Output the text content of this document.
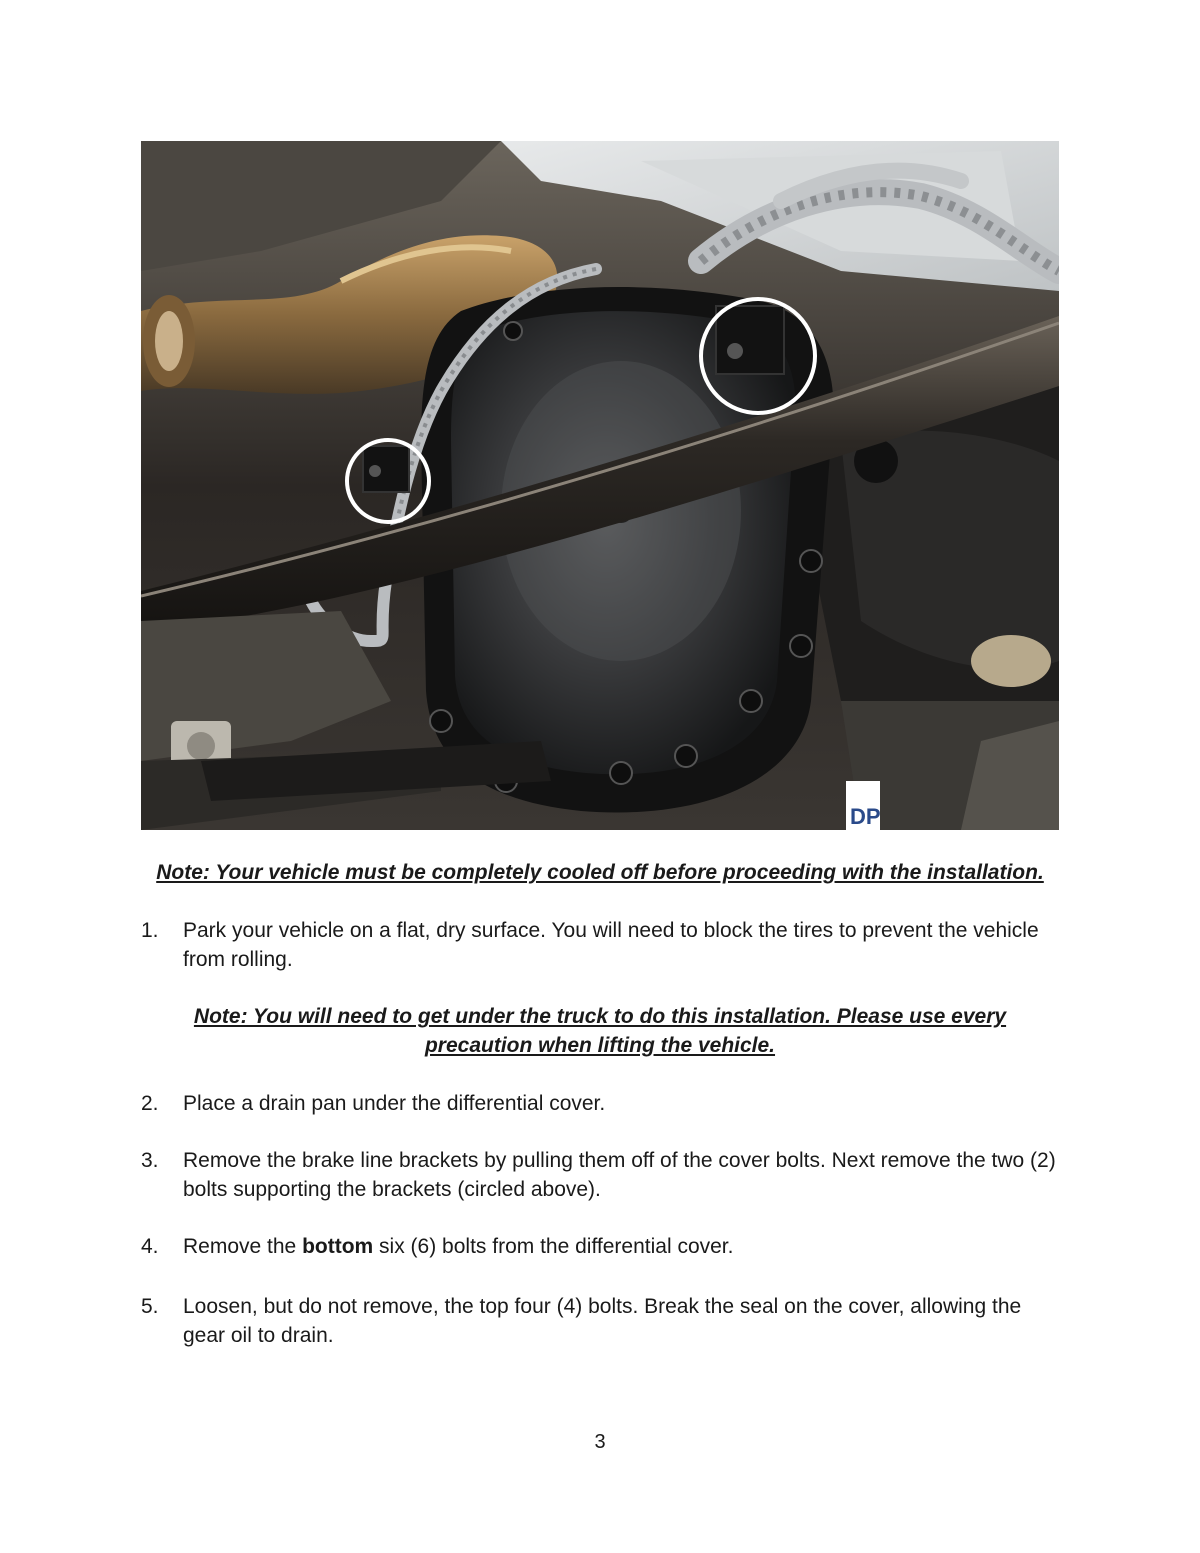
DP
Note: Your vehicle must be completely cooled off before proceeding with the installation.
1.	Park your vehicle on a flat, dry surface. You will need to block the tires to prevent the vehicle from rolling.
Note: You will need to get under the truck to do this installation. Please use every precaution when lifting the vehicle.
2.	Place a drain pan under the differential cover.
3.	Remove the brake line brackets by pulling them off of the cover bolts. Next remove the two (2) bolts supporting the brackets (circled above).
4.	Remove the bottom six (6) bolts from the differential cover.
5.	Loosen, but do not remove, the top four (4) bolts. Break the seal on the cover, allowing the gear oil to drain.
3
